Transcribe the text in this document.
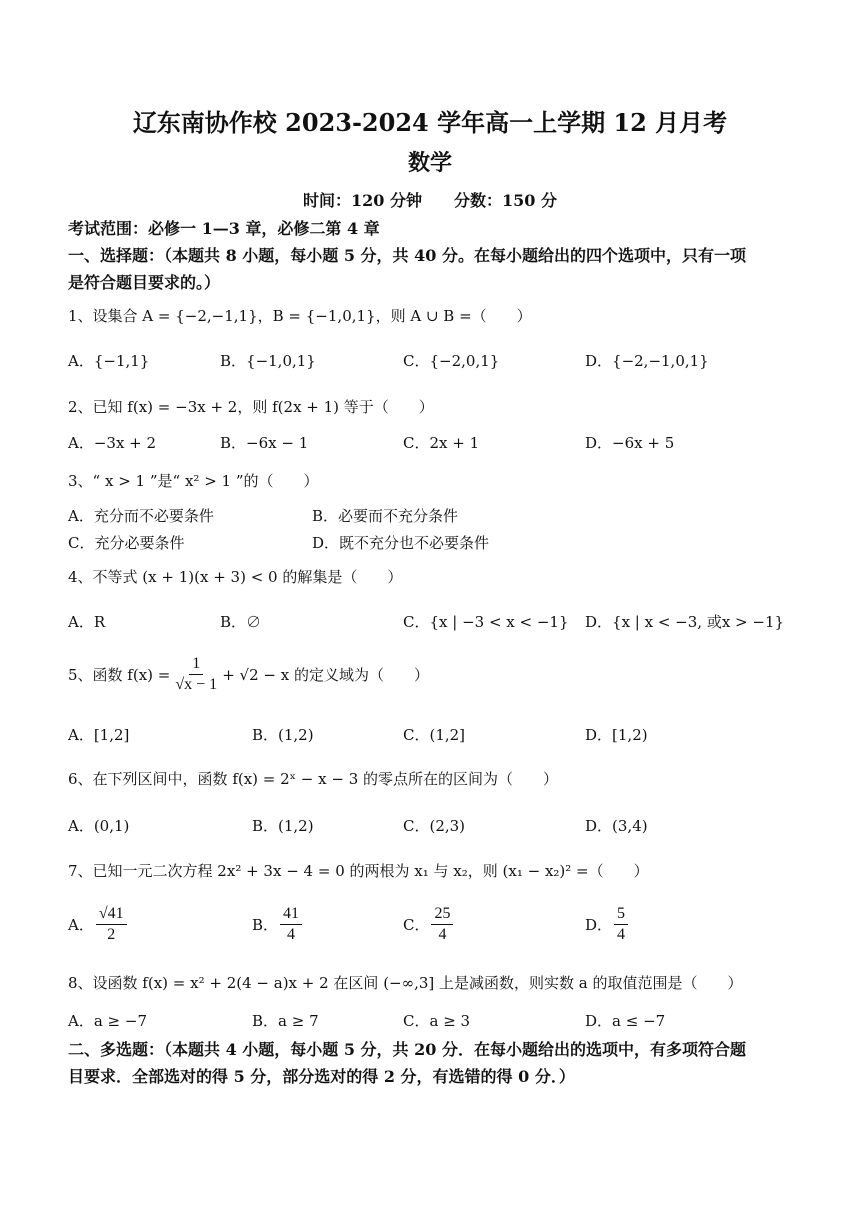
辽东南协作校 2023-2024 学年高一上学期 12 月月考
数学
时间：120 分钟　　分数：150 分
考试范围：必修一 1—3 章，必修二第 4 章
一、选择题：（本题共 8 小题，每小题 5 分，共 40 分。在每小题给出的四个选项中，只有一项
是符合题目要求的。）
1、设集合 A = {−2,−1,1}，B = {−1,0,1}，则 A ∪ B =（　　）
A．{−1,1}	B．{−1,0,1}	C．{−2,0,1}	D．{−2,−1,0,1}
2、已知 f(x) = −3x + 2，则 f(2x + 1) 等于（　　）
A．−3x + 2	B．−6x − 1	C．2x + 1	D．−6x + 5
3、“ x > 1 ”是“ x² > 1 ”的（　　）
A．充分而不必要条件	B．必要而不充分条件
C．充分必要条件	D．既不充分也不必要条件
4、不等式 (x + 1)(x + 3) < 0 的解集是（　　）
A．R	B．∅	C．{x | −3 < x < −1} D．{x | x < −3, 或x > −1}
5、函数 $f(x) = \frac{1}{√x - 1} + √2 - x$ 的定义域为（　　）
A．[1,2]	B．(1,2)	C．(1,2]	D．[1,2)
6、在下列区间中，函数 f(x) = 2ˣ − x − 3 的零点所在的区间为（　　）
A．(0,1)	B．(1,2)	C．(2,3)	D．(3,4)
7、已知一元二次方程 2x² + 3x − 4 = 0 的两根为 x₁ 与 x₂，则 (x₁ − x₂)² =（　　）
A． $\frac{√41}{2}$	B． $\frac{41}{4}$	C． $\frac{25}{4}$	D． $\frac{5}{4}$
8、设函数 f(x) = x² + 2(4 − a)x + 2 在区间 (−∞,3] 上是减函数，则实数 a 的取值范围是（　　）
A．a ≥ −7	B．a ≥ 7	C．a ≥ 3	D．a ≤ −7
二、多选题：（本题共 4 小题，每小题 5 分，共 20 分．在每小题给出的选项中，有多项符合题
目要求．全部选对的得 5 分，部分选对的得 2 分，有选错的得 0 分．）
